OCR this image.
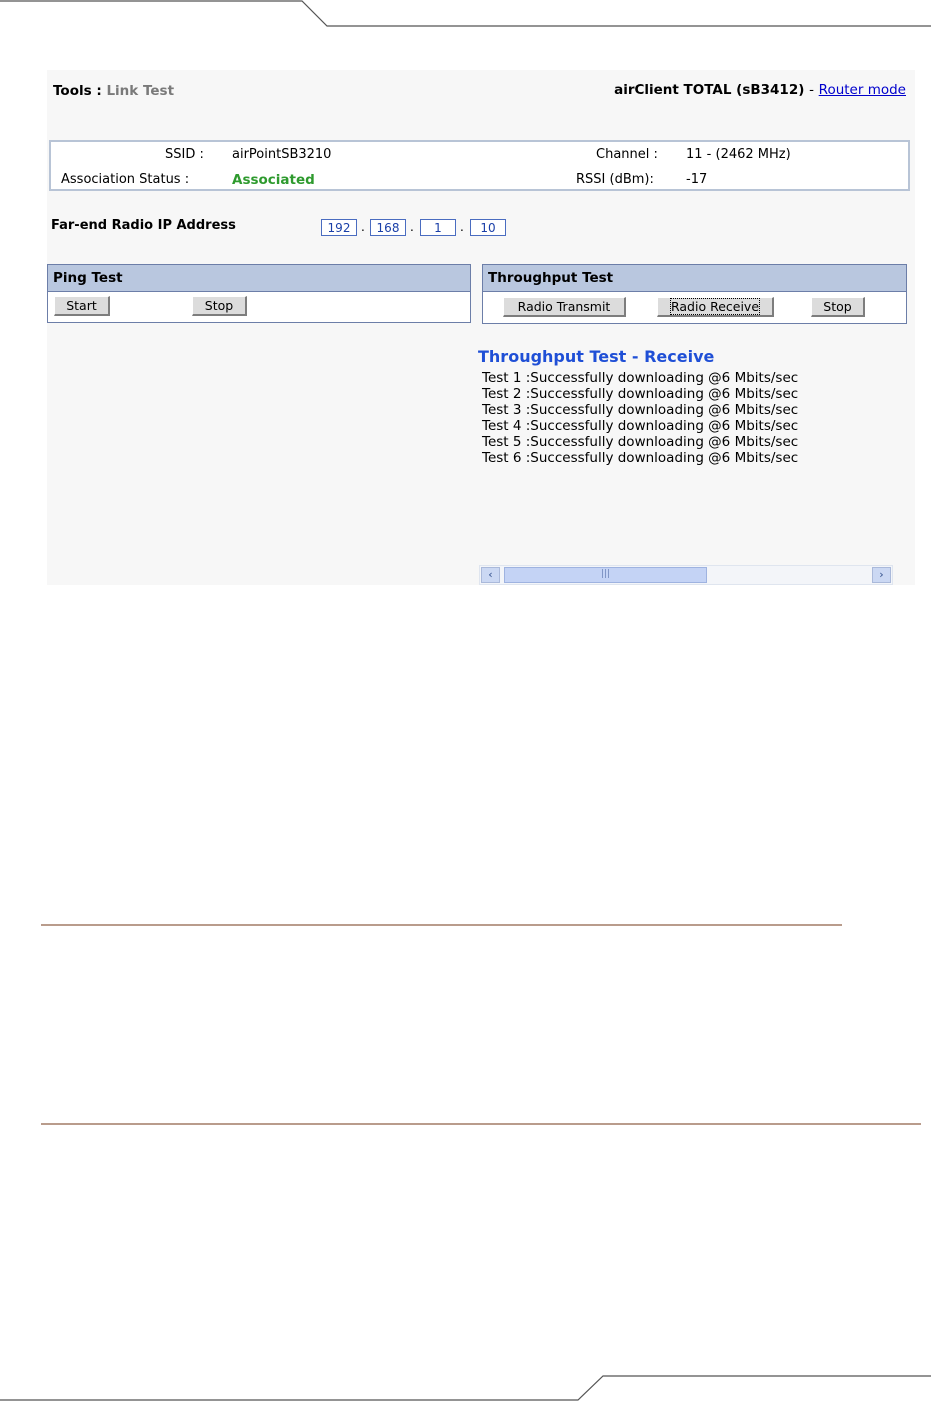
Tools : Link Test	airClient TOTAL (sB3412) - Router mode
SSID : airPointSB3210
Association Status :	Associated
Channel : 11 - (2462 MHz)
RSSI (dBm): -17
Far-end Radio IP Address	192 . 168 .	1	.	10
Ping Test
Start	Stop
Throughput Test
Radio Transmit	Radio Receive	Stop
Throughput Test - Receive
Test 1 :Successfully downloading @6 Mbits/sec
Test 2 :Successfully downloading @6 Mbits/sec
Test 3 :Successfully downloading @6 Mbits/sec
Test 4 :Successfully downloading @6 Mbits/sec
Test 5 :Successfully downloading @6 Mbits/sec
Test 6 :Successfully downloading @6 Mbits/sec
‹	|||	›
